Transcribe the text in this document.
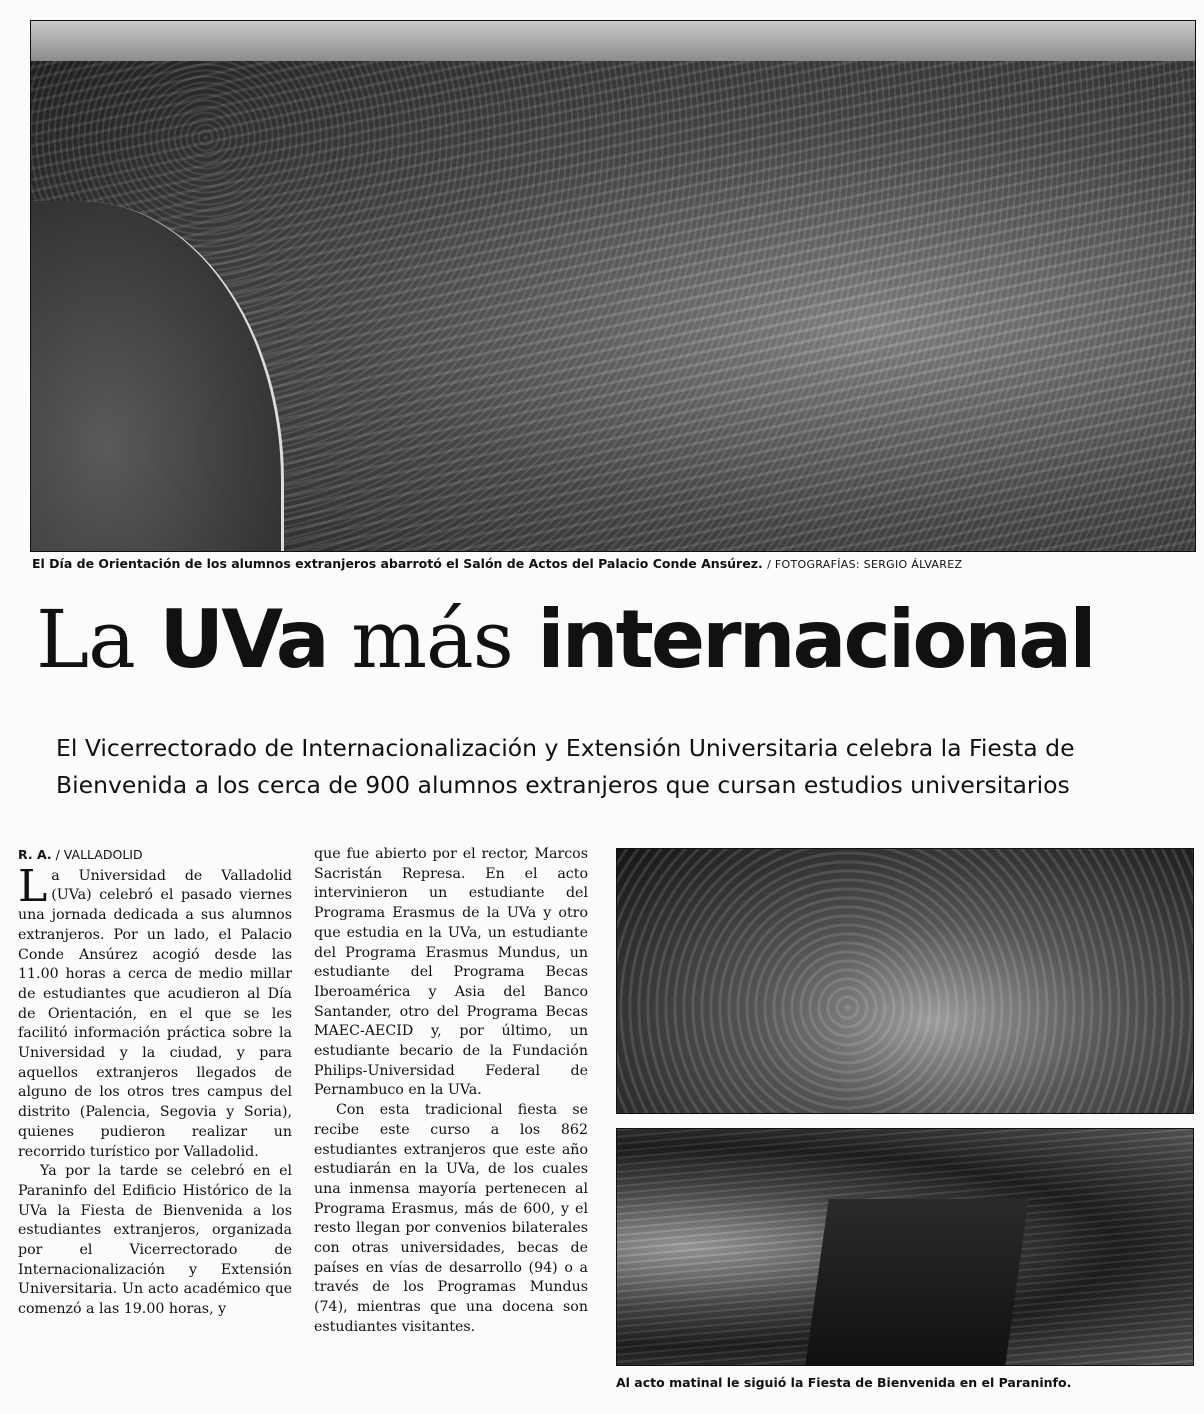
El Día de Orientación de los alumnos extranjeros abarrotó el Salón de Actos del Palacio Conde Ansúrez. / FOTOGRAFÍAS: SERGIO ÁLVAREZ
La UVa más internacional

El Vicerrectorado de Internacionalización y Extensión Universitaria celebra la Fiesta de Bienvenida a los cerca de 900 alumnos extranjeros que cursan estudios universitarios

R. A. / VALLADOLID

La Universidad de Valladolid (UVa) celebró el pasado viernes una jornada dedicada a sus alumnos extranjeros. Por un lado, el Palacio Conde Ansúrez acogió desde las 11.00 horas a cerca de medio millar de estudiantes que acudieron al Día de Orientación, en el que se les facilitó información práctica sobre la Universidad y la ciudad, y para aquellos extranjeros llegados de alguno de los otros tres campus del distrito (Palencia, Segovia y Soria), quienes pudieron realizar un recorrido turístico por Valladolid.

Ya por la tarde se celebró en el Paraninfo del Edificio Histórico de la UVa la Fiesta de Bienvenida a los estudiantes extranjeros, organizada por el Vicerrectorado de Internacionalización y Extensión Universitaria. Un acto académico que comenzó a las 19.00 horas, y

que fue abierto por el rector, Marcos Sacristán Represa. En el acto intervinieron un estudiante del Programa Erasmus de la UVa y otro que estudia en la UVa, un estudiante del Programa Erasmus Mundus, un estudiante del Programa Becas Iberoamérica y Asia del Banco Santander, otro del Programa Becas MAEC-AECID y, por último, un estudiante becario de la Fundación Philips-Universidad Federal de Pernambuco en la UVa.

Con esta tradicional fiesta se recibe este curso a los 862 estudiantes extranjeros que este año estudiarán en la UVa, de los cuales una inmensa mayoría pertenecen al Programa Erasmus, más de 600, y el resto llegan por convenios bilaterales con otras universidades, becas de países en vías de desarrollo (94) o a través de los Programas Mundus (74), mientras que una docena son estudiantes visitantes.

Al acto matinal le siguió la Fiesta de Bienvenida en el Paraninfo.
